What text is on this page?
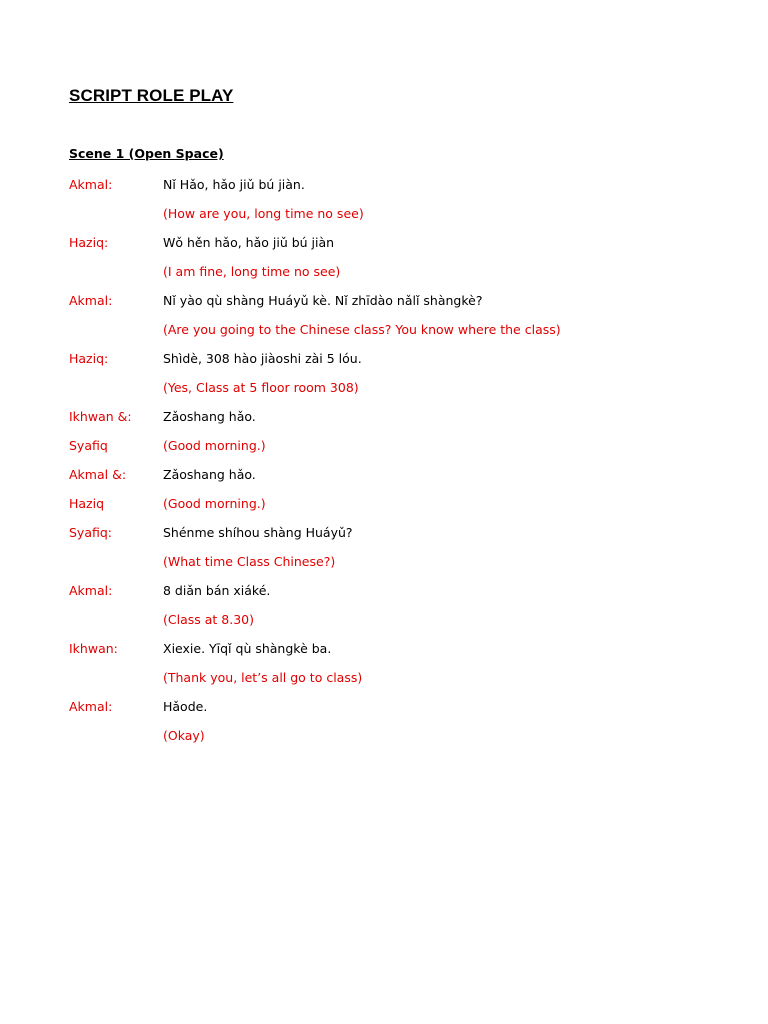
SCRIPT ROLE PLAY
Scene 1 (Open Space)
Akmal:	Nǐ Hǎo, hǎo jiǔ bú jiàn.
(How are you, long time no see)
Haziq:	Wǒ hěn hǎo, hǎo jiǔ bú jiàn
(I am fine, long time no see)
Akmal:	Nǐ yào qù shàng Huáyǔ kè. Nǐ zhīdào nǎlǐ shàngkè?
(Are you going to the Chinese class? You know where the class)
Haziq:	Shìdè, 308 hào jiàoshi zài 5 lóu.
(Yes, Class at 5 floor room 308)
Ikhwan &:	Zǎoshang hǎo.
Syafiq	(Good morning.)
Akmal &:	Zǎoshang hǎo.
Haziq	(Good morning.)
Syafiq:	Shénme shíhou shàng Huáyǔ?
(What time Class Chinese?)
Akmal:	8 diǎn bán xiáké.
(Class at 8.30)
Ikhwan:	Xiexie. Yīqǐ qù shàngkè ba.
(Thank you, let’s all go to class)
Akmal:	Hǎode.
(Okay)
